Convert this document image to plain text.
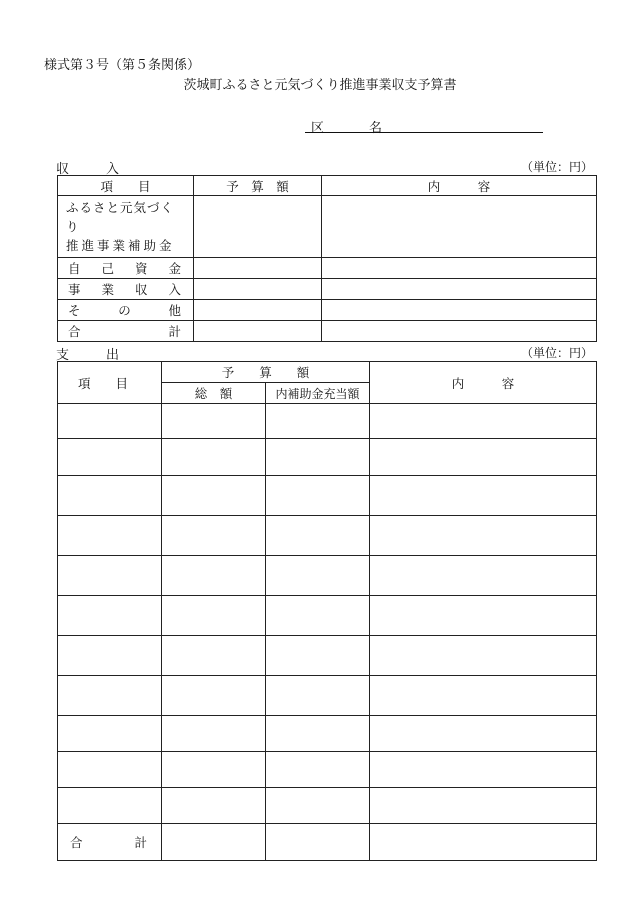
様式第３号（第５条関係）
茨城町ふるさと元気づくり推進事業収支予算書
区　名
収　入	（単位：円）
項　　目	予　算　額	内　　　容

ふるさと元気づくり
推進事業補助金		

自 己 資 金		

事 業 収 入		

そ の 他		

合 計		

支　出	（単位：円）
項　　目	予　　算　　額		内　　　容
	総　額	内補助金充当額	

合 計			
